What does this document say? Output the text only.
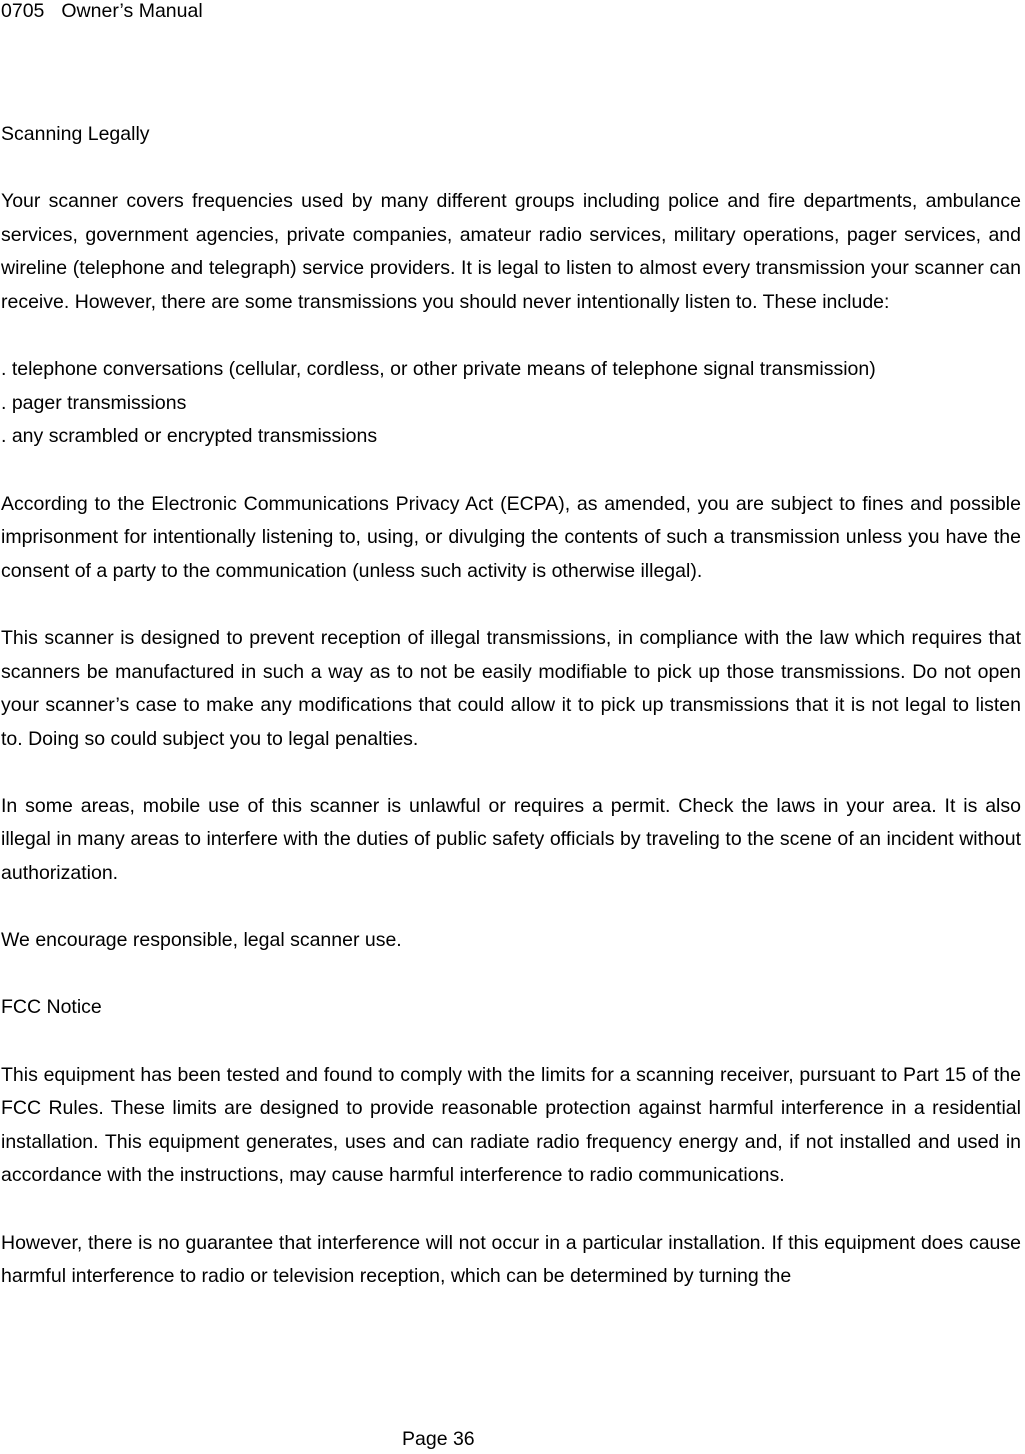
0705 Owner’s Manual
Scanning Legally
Your scanner covers frequencies used by many different groups including police and fire departments, ambulance services, government agencies, private companies, amateur radio services, military operations, pager services, and wireline (telephone and telegraph) service providers. It is legal to listen to almost every transmission your scanner can receive. However, there are some transmissions you should never intentionally listen to. These include:
. telephone conversations (cellular, cordless, or other private means of telephone signal transmission)
. pager transmissions
. any scrambled or encrypted transmissions
According to the Electronic Communications Privacy Act (ECPA), as amended, you are subject to fines and possible imprisonment for intentionally listening to, using, or divulging the contents of such a transmission unless you have the consent of a party to the communication (unless such activity is otherwise illegal).
This scanner is designed to prevent reception of illegal transmissions, in compliance with the law which requires that scanners be manufactured in such a way as to not be easily modifiable to pick up those transmissions. Do not open your scanner’s case to make any modifications that could allow it to pick up transmissions that it is not legal to listen to. Doing so could subject you to legal penalties.
In some areas, mobile use of this scanner is unlawful or requires a permit. Check the laws in your area. It is also illegal in many areas to interfere with the duties of public safety officials by traveling to the scene of an incident without authorization.
We encourage responsible, legal scanner use.
FCC Notice
This equipment has been tested and found to comply with the limits for a scanning receiver, pursuant to Part 15 of the FCC Rules. These limits are designed to provide reasonable protection against harmful interference in a residential installation. This equipment generates, uses and can radiate radio frequency energy and, if not installed and used in accordance with the instructions, may cause harmful interference to radio communications.
However, there is no guarantee that interference will not occur in a particular installation. If this equipment does cause harmful interference to radio or television reception, which can be determined by turning the
Page 36
